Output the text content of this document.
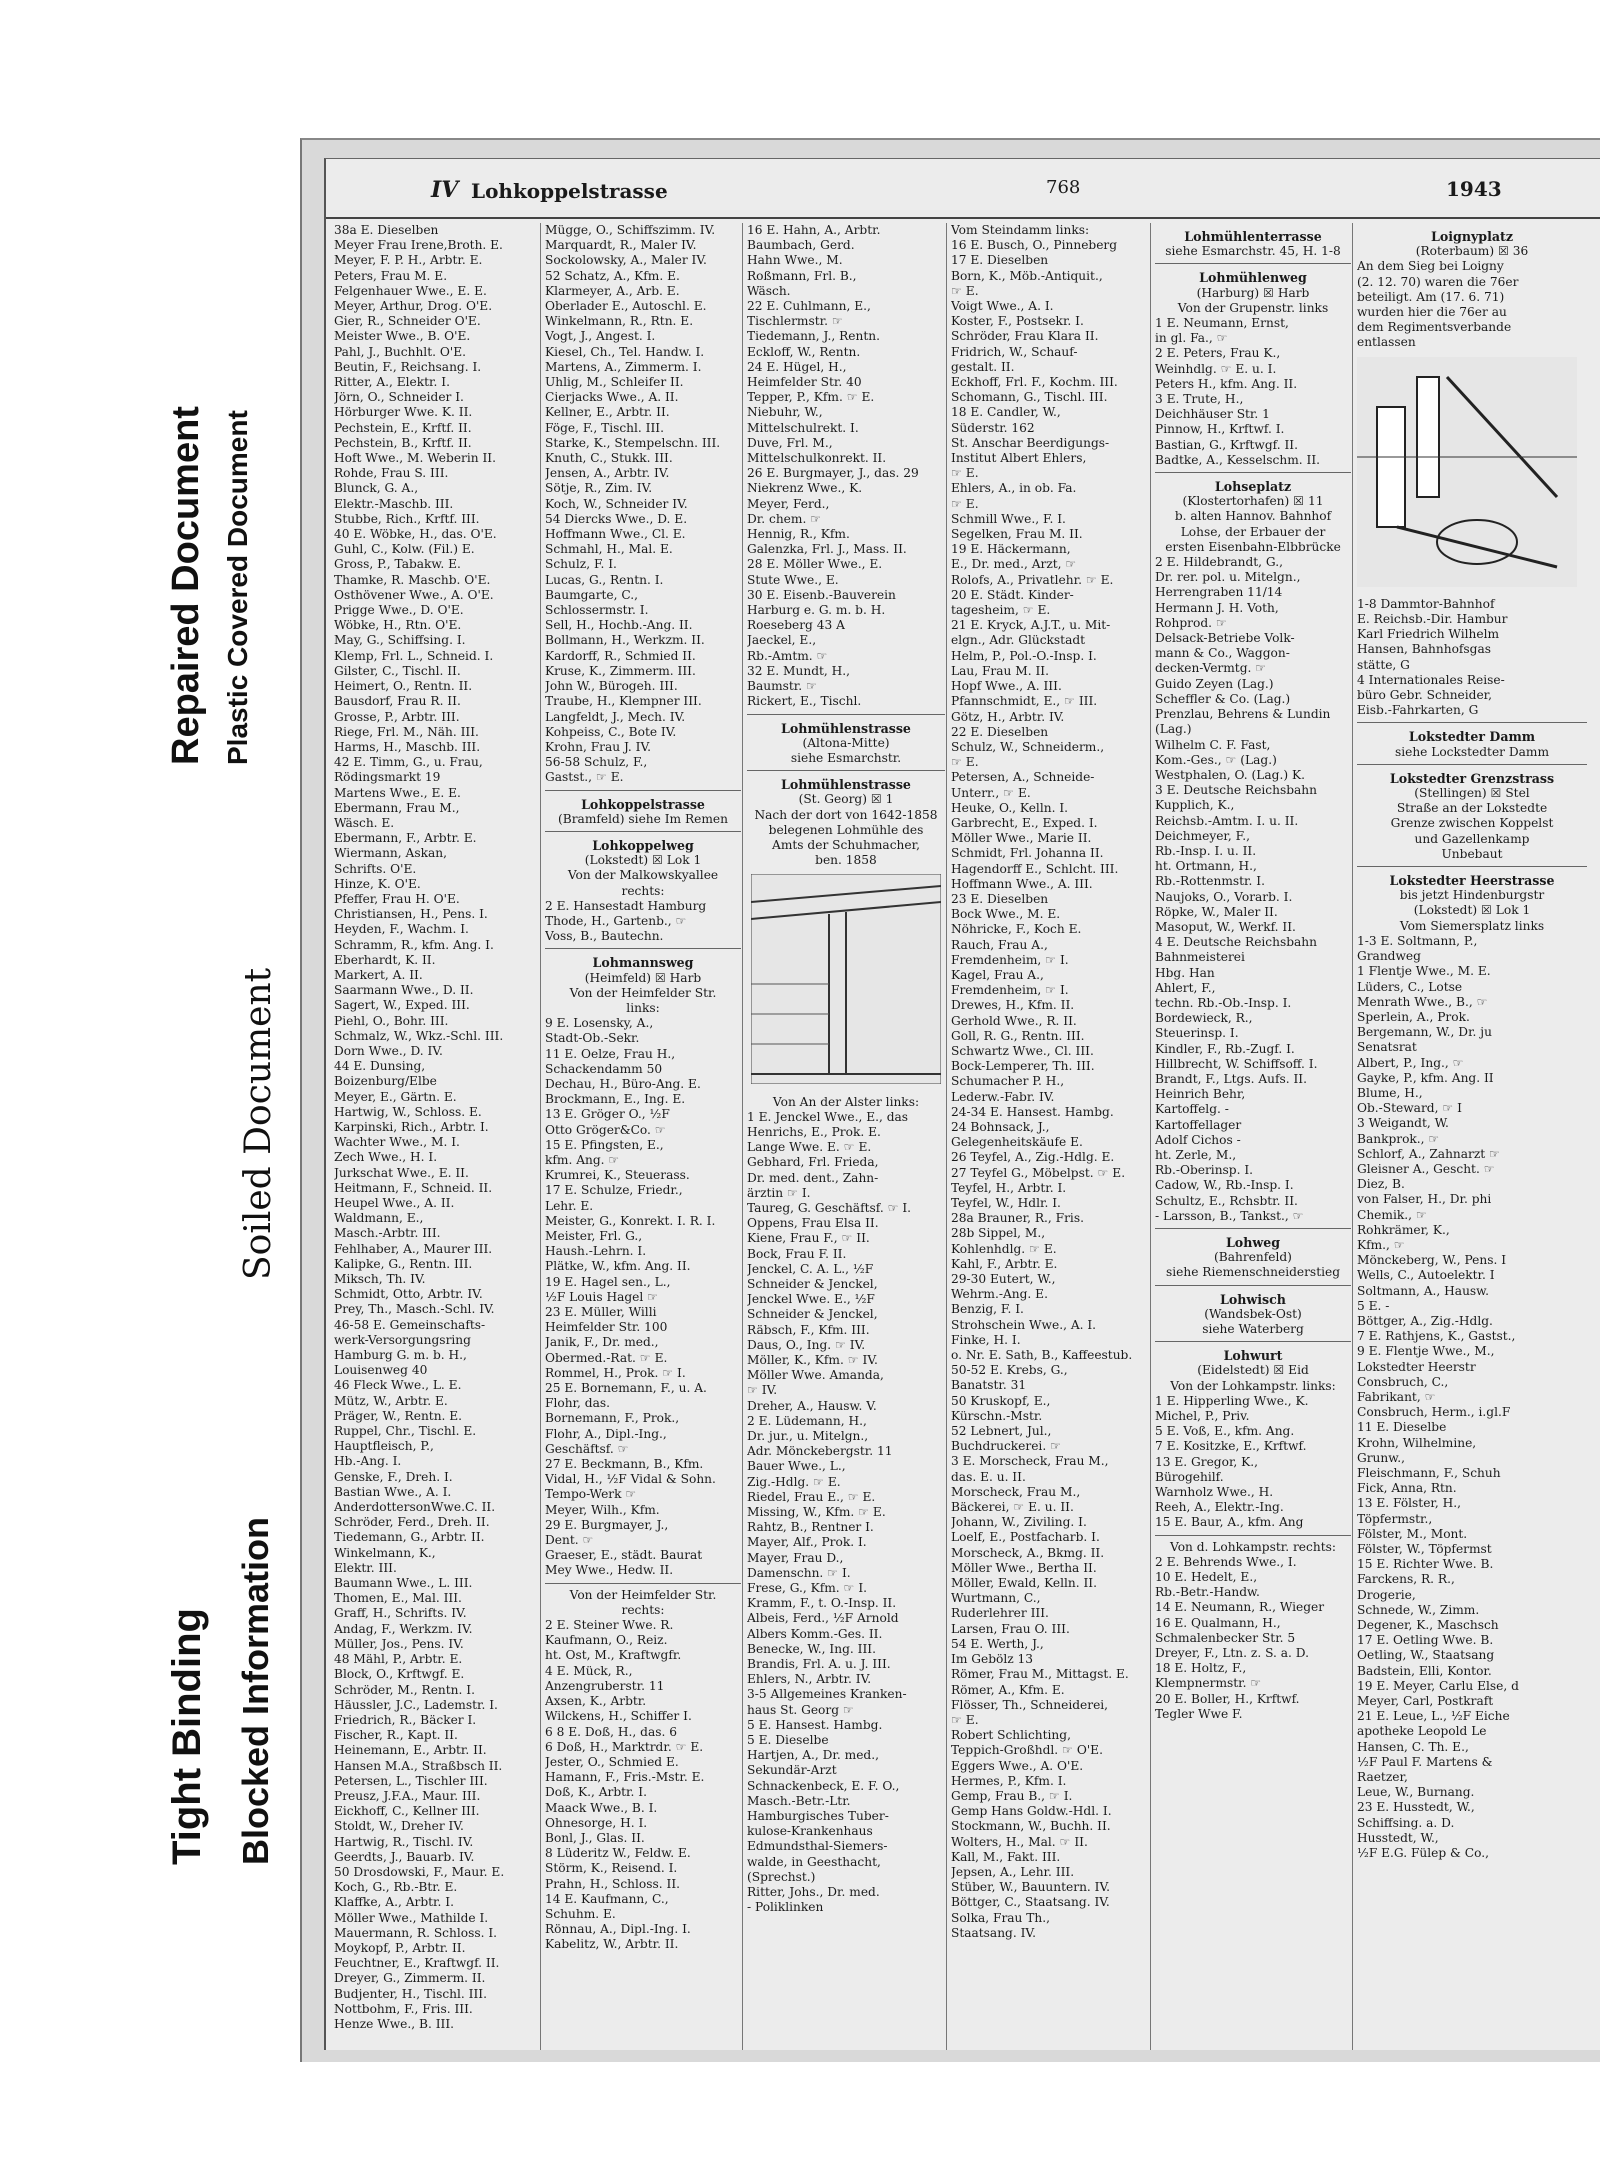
Repaired Document Plastic Covered Document
Soiled Document
Tight Binding Blocked Information
IV Lohkoppelstrasse	768	1943
38a E. Dieselben
Meyer Frau Irene,Broth. E.
Meyer, F. P. H., Arbtr. E.
Peters, Frau M. E.
Felgenhauer Wwe., E. E.
Meyer, Arthur, Drog. O'E.
Gier, R., Schneider O'E.
Meister Wwe., B. O'E.
Pahl, J., Buchhlt. O'E.
Beutin, F., Reichsang. I.
Ritter, A., Elektr. I.
Jörn, O., Schneider I.
Hörburger Wwe. K. II.
Pechstein, E., Krftf. II.
Pechstein, B., Krftf. II.
Hoft Wwe., M. Weberin II.
Rohde, Frau S. III.
Blunck, G. A.,
Elektr.-Maschb. III.
Stubbe, Rich., Krftf. III.
40 E. Wöbke, H., das. O'E.
Guhl, C., Kolw. (Fil.) E.
Gross, P., Tabakw. E.
Thamke, R. Maschb. O'E.
Osthövener Wwe., A. O'E.
Prigge Wwe., D. O'E.
Wöbke, H., Rtn. O'E.
May, G., Schiffsing. I.
Klemp, Frl. L., Schneid. I.
Gilster, C., Tischl. II.
Heimert, O., Rentn. II.
Bausdorf, Frau R. II.
Grosse, P., Arbtr. III.
Riege, Frl. M., Näh. III.
Harms, H., Maschb. III.
42 E. Timm, G., u. Frau,
Rödingsmarkt 19
Martens Wwe., E. E.
Ebermann, Frau M.,
Wäsch. E.
Ebermann, F., Arbtr. E.
Wiermann, Askan,
Schrifts. O'E.
Hinze, K. O'E.
Pfeffer, Frau H. O'E.
Christiansen, H., Pens. I.
Heyden, F., Wachm. I.
Schramm, R., kfm. Ang. I.
Eberhardt, K. II.
Markert, A. II.
Saarmann Wwe., D. II.
Sagert, W., Exped. III.
Piehl, O., Bohr. III.
Schmalz, W., Wkz.-Schl. III.
Dorn Wwe., D. IV.
44 E. Dunsing,
Boizenburg/Elbe
Meyer, E., Gärtn. E.
Hartwig, W., Schloss. E.
Karpinski, Rich., Arbtr. I.
Wachter Wwe., M. I.
Zech Wwe., H. I.
Jurkschat Wwe., E. II.
Heitmann, F., Schneid. II.
Heupel Wwe., A. II.
Waldmann, E.,
Masch.-Arbtr. III.
Fehlhaber, A., Maurer III.
Kalipke, G., Rentn. III.
Miksch, Th. IV.
Schmidt, Otto, Arbtr. IV.
Prey, Th., Masch.-Schl. IV.
46-58 E. Gemeinschafts-
werk-Versorgungsring
Hamburg G. m. b. H.,
Louisenweg 40
46 Fleck Wwe., L. E.
Mütz, W., Arbtr. E.
Präger, W., Rentn. E.
Ruppel, Chr., Tischl. E.
Hauptfleisch, P.,
Hb.-Ang. I.
Genske, F., Dreh. I.
Bastian Wwe., A. I.
AnderdottersonWwe.C. II.
Schröder, Ferd., Dreh. II.
Tiedemann, G., Arbtr. II.
Winkelmann, K.,
Elektr. III.
Baumann Wwe., L. III.
Thomen, E., Mal. III.
Graff, H., Schrifts. IV.
Andag, F., Werkzm. IV.
Müller, Jos., Pens. IV.
48 Mähl, P., Arbtr. E.
Block, O., Krftwgf. E.
Schröder, M., Rentn. I.
Häussler, J.C., Lademstr. I.
Friedrich, R., Bäcker I.
Fischer, R., Kapt. II.
Heinemann, E., Arbtr. II.
Hansen M.A., Straßbsch II.
Petersen, L., Tischler III.
Preusz, J.F.A., Maur. III.
Eickhoff, C., Kellner III.
Stoldt, W., Dreher IV.
Hartwig, R., Tischl. IV.
Geerdts, J., Bauarb. IV.
50 Drosdowski, F., Maur. E.
Koch, G., Rb.-Btr. E.
Klaffke, A., Arbtr. I.
Möller Wwe., Mathilde I.
Mauermann, R. Schloss. I.
Moykopf, P., Arbtr. II.
Feuchtner, E., Kraftwgf. II.
Dreyer, G., Zimmerm. II.
Budjenter, H., Tischl. III.
Nottbohm, F., Fris. III.
Henze Wwe., B. III.
Mügge, O., Schiffszimm. IV.
Marquardt, R., Maler IV.
Sockolowsky, A., Maler IV.
52 Schatz, A., Kfm. E.
Klarmeyer, A., Arb. E.
Oberlader E., Autoschl. E.
Winkelmann, R., Rtn. E.
Vogt, J., Angest. I.
Kiesel, Ch., Tel. Handw. I.
Martens, A., Zimmerm. I.
Uhlig, M., Schleifer II.
Cierjacks Wwe., A. II.
Kellner, E., Arbtr. II.
Föge, F., Tischl. III.
Starke, K., Stempelschn. III.
Knuth, C., Stukk. III.
Jensen, A., Arbtr. IV.
Sötje, R., Zim. IV.
Koch, W., Schneider IV.
54 Diercks Wwe., D. E.
Hoffmann Wwe., Cl. E.
Schmahl, H., Mal. E.
Schulz, F. I.
Lucas, G., Rentn. I.
Baumgarte, C.,
Schlossermstr. I.
Sell, H., Hochb.-Ang. II.
Bollmann, H., Werkzm. II.
Kardorff, R., Schmied II.
Kruse, K., Zimmerm. III.
John W., Bürogeh. III.
Traube, H., Klempner III.
Langfeldt, J., Mech. IV.
Kohpeiss, C., Bote IV.
Krohn, Frau J. IV.
56-58 Schulz, F.,
Gastst., ☞ E.
Lohkoppelstrasse
(Bramfeld) siehe Im Remen
Lohkoppelweg
(Lokstedt) ☒ Lok 1
Von der Malkowskyallee
rechts:
2 E. Hansestadt Hamburg
Thode, H., Gartenb., ☞
Voss, B., Bautechn.
Lohmannsweg
(Heimfeld) ☒ Harb
Von der Heimfelder Str.
links:
9 E. Losensky, A.,
Stadt-Ob.-Sekr.
11 E. Oelze, Frau H.,
Schackendamm 50
Dechau, H., Büro-Ang. E.
Brockmann, E., Ing. E.
13 E. Gröger O., ½F
Otto Gröger&Co. ☞
15 E. Pfingsten, E.,
kfm. Ang. ☞
Krumrei, K., Steuerass.
17 E. Schulze, Friedr.,
Lehr. E.
Meister, G., Konrekt. I. R. I.
Meister, Frl. G.,
Haush.-Lehrn. I.
Plätke, W., kfm. Ang. II.
19 E. Hagel sen., L.,
½F Louis Hagel ☞
23 E. Müller, Willi
Heimfelder Str. 100
Janik, F., Dr. med.,
Obermed.-Rat. ☞ E.
Rommel, H., Prok. ☞ I.
25 E. Bornemann, F., u. A.
Flohr, das.
Bornemann, F., Prok.,
Flohr, A., Dipl.-Ing.,
Geschäftsf. ☞
27 E. Beckmann, B., Kfm.
Vidal, H., ½F Vidal & Sohn.
Tempo-Werk ☞
Meyer, Wilh., Kfm.
29 E. Burgmayer, J.,
Dent. ☞
Graeser, E., städt. Baurat
Mey Wwe., Hedw. II.
Von der Heimfelder Str.
rechts:
2 E. Steiner Wwe. R.
Kaufmann, O., Reiz.
ht. Ost, M., Kraftwgfr.
4 E. Mück, R.,
Anzengruberstr. 11
Axsen, K., Arbtr.
Wilckens, H., Schiffer I.
6 8 E. Doß, H., das. 6
6 Doß, H., Marktrdr. ☞ E.
Jester, O., Schmied E.
Hamann, F., Fris.-Mstr. E.
Doß, K., Arbtr. I.
Maack Wwe., B. I.
Ohnesorge, H. I.
Bonl, J., Glas. II.
8 Lüderitz W., Feldw. E.
Störm, K., Reisend. I.
Prahn, H., Schloss. II.
14 E. Kaufmann, C.,
Schuhm. E.
Rönnau, A., Dipl.-Ing. I.
Kabelitz, W., Arbtr. II.
16 E. Hahn, A., Arbtr.
Baumbach, Gerd.
Hahn Wwe., M.
Roßmann, Frl. B.,
Wäsch.
22 E. Cuhlmann, E.,
Tischlermstr. ☞
Tiedemann, J., Rentn.
Eckloff, W., Rentn.
24 E. Hügel, H.,
Heimfelder Str. 40
Tepper, P., Kfm. ☞ E.
Niebuhr, W.,
Mittelschulrekt. I.
Duve, Frl. M.,
Mittelschulkonrekt. II.
26 E. Burgmayer, J., das. 29
Niekrenz Wwe., K.
Meyer, Ferd.,
Dr. chem. ☞
Hennig, R., Kfm.
Galenzka, Frl. J., Mass. II.
28 E. Möller Wwe., E.
Stute Wwe., E.
30 E. Eisenb.-Bauverein
Harburg e. G. m. b. H.
Roeseberg 43 A
Jaeckel, E.,
Rb.-Amtm. ☞
32 E. Mundt, H.,
Baumstr. ☞
Rickert, E., Tischl.
Lohmühlenstrasse
(Altona-Mitte)
siehe Esmarchstr.
Lohmühlenstrasse
(St. Georg) ☒ 1
Nach der dort von 1642-1858
belegenen Lohmühle des
Amts der Schuhmacher,
ben. 1858
Von An der Alster links:
1 E. Jenckel Wwe., E., das
Henrichs, E., Prok. E.
Lange Wwe. E. ☞ E.
Gebhard, Frl. Frieda,
Dr. med. dent., Zahn-
ärztin ☞ I.
Taureg, G. Geschäftsf. ☞ I.
Oppens, Frau Elsa II.
Kiene, Frau F., ☞ II.
Bock, Frau F. II.
Jenckel, C. A. L., ½F
Schneider & Jenckel,
Jenckel Wwe. E., ½F
Schneider & Jenckel,
Räbsch, F., Kfm. III.
Daus, O., Ing. ☞ IV.
Möller, K., Kfm. ☞ IV.
Möller Wwe. Amanda,
☞ IV.
Dreher, A., Hausw. V.
2 E. Lüdemann, H.,
Dr. jur., u. Mitelgn.,
Adr. Mönckebergstr. 11
Bauer Wwe., L.,
Zig.-Hdlg. ☞ E.
Riedel, Frau E., ☞ E.
Missing, W., Kfm. ☞ E.
Rahtz, B., Rentner I.
Mayer, Alf., Prok. I.
Mayer, Frau D.,
Damenschn. ☞ I.
Frese, G., Kfm. ☞ I.
Kramm, F., t. O.-Insp. II.
Albeis, Ferd., ½F Arnold
Albers Komm.-Ges. II.
Benecke, W., Ing. III.
Brandis, Frl. A. u. J. III.
Ehlers, N., Arbtr. IV.
3-5 Allgemeines Kranken-
haus St. Georg ☞
5 E. Hansest. Hambg.
5 E. Dieselbe
Hartjen, A., Dr. med.,
Sekundär-Arzt
Schnackenbeck, E. F. O.,
Masch.-Betr.-Ltr.
Hamburgisches Tuber-
kulose-Krankenhaus
Edmundsthal-Siemers-
walde, in Geesthacht,
(Sprechst.)
Ritter, Johs., Dr. med.
- Poliklinken
Vom Steindamm links:
16 E. Busch, O., Pinneberg
17 E. Dieselben
Born, K., Möb.-Antiquit.,
☞ E.
Voigt Wwe., A. I.
Koster, F., Postsekr. I.
Schröder, Frau Klara II.
Fridrich, W., Schauf-
gestalt. II.
Eckhoff, Frl. F., Kochm. III.
Schomann, G., Tischl. III.
18 E. Candler, W.,
Süderstr. 162
St. Anschar Beerdigungs-
Institut Albert Ehlers,
☞ E.
Ehlers, A., in ob. Fa.
☞ E.
Schmill Wwe., F. I.
Segelken, Frau M. II.
19 E. Häckermann,
E., Dr. med., Arzt, ☞
Rolofs, A., Privatlehr. ☞ E.
20 E. Städt. Kinder-
tagesheim, ☞ E.
21 E. Kryck, A.J.T., u. Mit-
elgn., Adr. Glückstadt
Helm, P., Pol.-O.-Insp. I.
Lau, Frau M. II.
Hopf Wwe., A. III.
Pfannschmidt, E., ☞ III.
Götz, H., Arbtr. IV.
22 E. Dieselben
Schulz, W., Schneiderm.,
☞ E.
Petersen, A., Schneide-
Unterr., ☞ E.
Heuke, O., Kelln. I.
Garbrecht, E., Exped. I.
Möller Wwe., Marie II.
Schmidt, Frl. Johanna II.
Hagendorff E., Schlcht. III.
Hoffmann Wwe., A. III.
23 E. Dieselben
Bock Wwe., M. E.
Nöhricke, F., Koch E.
Rauch, Frau A.,
Fremdenheim, ☞ I.
Kagel, Frau A.,
Fremdenheim, ☞ I.
Drewes, H., Kfm. II.
Gerhold Wwe., R. II.
Goll, R. G., Rentn. III.
Schwartz Wwe., Cl. III.
Bock-Lemperer, Th. III.
Schumacher P. H.,
Lederw.-Fabr. IV.
24-34 E. Hansest. Hambg.
24 Bohnsack, J.,
Gelegenheitskäufe E.
26 Teyfel, A., Zig.-Hdlg. E.
27 Teyfel G., Möbelpst. ☞ E.
Teyfel, H., Arbtr. I.
Teyfel, W., Hdlr. I.
28a Brauner, R., Fris.
28b Sippel, M.,
Kohlenhdlg. ☞ E.
Kahl, F., Arbtr. E.
29-30 Eutert, W.,
Wehrm.-Ang. E.
Benzig, F. I.
Strohschein Wwe., A. I.
Finke, H. I.
o. Nr. E. Sath, B., Kaffeestub.
50-52 E. Krebs, G.,
Banatstr. 31
50 Kruskopf, E.,
Kürschn.-Mstr.
52 Lebnert, Jul.,
Buchdruckerei. ☞
3 E. Morscheck, Frau M.,
das. E. u. II.
Morscheck, Frau M.,
Bäckerei, ☞ E. u. II.
Johann, W., Ziviling. I.
Loelf, E., Postfacharb. I.
Morscheck, A., Bkmg. II.
Möller Wwe., Bertha II.
Möller, Ewald, Kelln. II.
Wurtmann, C.,
Ruderlehrer III.
Larsen, Frau O. III.
54 E. Werth, J.,
Im Gebölz 13
Römer, Frau M., Mittagst. E.
Römer, A., Kfm. E.
Flösser, Th., Schneiderei,
☞ E.
Robert Schlichting,
Teppich-Großhdl. ☞ O'E.
Eggers Wwe., A. O'E.
Hermes, P., Kfm. I.
Gemp, Frau B., ☞ I.
Gemp Hans Goldw.-Hdl. I.
Stockmann, W., Buchh. II.
Wolters, H., Mal. ☞ II.
Kall, M., Fakt. III.
Jepsen, A., Lehr. III.
Stüber, W., Bauuntern. IV.
Böttger, C., Staatsang. IV.
Solka, Frau Th.,
Staatsang. IV.
Lohmühlenterrasse
siehe Esmarchstr. 45, H. 1-8
Lohmühlenweg
(Harburg) ☒ Harb
Von der Grupenstr. links
1 E. Neumann, Ernst,
in gl. Fa., ☞
2 E. Peters, Frau K.,
Weinhdlg. ☞ E. u. I.
Peters H., kfm. Ang. II.
3 E. Trute, H.,
Deichhäuser Str. 1
Pinnow, H., Krftwf. I.
Bastian, G., Krftwgf. II.
Badtke, A., Kesselschm. II.
Lohseplatz
(Klostertorhafen) ☒ 11
b. alten Hannov. Bahnhof
Lohse, der Erbauer der
ersten Eisenbahn-Elbbrücke
2 E. Hildebrandt, G.,
Dr. rer. pol. u. Mitelgn.,
Herrengraben 11/14
Hermann J. H. Voth,
Rohprod. ☞
Delsack-Betriebe Volk-
mann & Co., Waggon-
decken-Vermtg. ☞
Guido Zeyen (Lag.)
Scheffler & Co. (Lag.)
Prenzlau, Behrens & Lundin
(Lag.)
Wilhelm C. F. Fast,
Kom.-Ges., ☞ (Lag.)
Westphalen, O. (Lag.) K.
3 E. Deutsche Reichsbahn
Kupplich, K.,
Reichsb.-Amtm. I. u. II.
Deichmeyer, F.,
Rb.-Insp. I. u. II.
ht. Ortmann, H.,
Rb.-Rottenmstr. I.
Naujoks, O., Vorarb. I.
Röpke, W., Maler II.
Masoput, W., Werkf. II.
4 E. Deutsche Reichsbahn
Bahnmeisterei
Hbg. Han
Ahlert, F.,
techn. Rb.-Ob.-Insp. I.
Bordewieck, R.,
Steuerinsp. I.
Kindler, F., Rb.-Zugf. I.
Hillbrecht, W. Schiffsoff. I.
Brandt, F., Ltgs. Aufs. II.
Heinrich Behr,
Kartoffelg. -
Kartoffellager
Adolf Cichos -
ht. Zerle, M.,
Rb.-Oberinsp. I.
Cadow, W., Rb.-Insp. I.
Schultz, E., Rchsbtr. II.
- Larsson, B., Tankst., ☞
Lohweg
(Bahrenfeld)
siehe Riemenschneiderstieg
Lohwisch
(Wandsbek-Ost)
siehe Waterberg
Lohwurt
(Eidelstedt) ☒ Eid
Von der Lohkampstr. links:
1 E. Hipperling Wwe., K.
Michel, P., Priv.
5 E. Voß, E., kfm. Ang.
7 E. Kositzke, E., Krftwf.
13 E. Gregor, K.,
Bürogehilf.
Warnholz Wwe., H.
Reeh, A., Elektr.-Ing.
15 E. Baur, A., kfm. Ang
Von d. Lohkampstr. rechts:
2 E. Behrends Wwe., I.
10 E. Hedelt, E.,
Rb.-Betr.-Handw.
14 E. Neumann, R., Wieger
16 E. Qualmann, H.,
Schmalenbecker Str. 5
Dreyer, F., Ltn. z. S. a. D.
18 E. Holtz, F.,
Klempnermstr. ☞
20 E. Boller, H., Krftwf.
Tegler Wwe F.
Loignyplatz
(Roterbaum) ☒ 36
An dem Sieg bei Loigny
(2. 12. 70) waren die 76er
beteiligt. Am (17. 6. 71)
wurden hier die 76er au
dem Regimentsverbande
entlassen
1-8 Dammtor-Bahnhof
E. Reichsb.-Dir. Hambur
Karl Friedrich Wilhelm
Hansen, Bahnhofsgas
stätte, G
4 Internationales Reise-
büro Gebr. Schneider,
Eisb.-Fahrkarten, G
Lokstedter Damm
siehe Lockstedter Damm
Lokstedter Grenzstrass
(Stellingen) ☒ Stel
Straße an der Lokstedte
Grenze zwischen Koppelst
und Gazellenkamp
Unbebaut
Lokstedter Heerstrasse
bis jetzt Hindenburgstr
(Lokstedt) ☒ Lok 1
Vom Siemersplatz links
1-3 E. Soltmann, P.,
Grandweg
1 Flentje Wwe., M. E.
Lüders, C., Lotse
Menrath Wwe., B., ☞
Sperlein, A., Prok.
Bergemann, W., Dr. ju
Senatsrat
Albert, P., Ing., ☞
Gayke, P., kfm. Ang. II
Blume, H.,
Ob.-Steward, ☞ I
3 Weigandt, W.
Bankprok., ☞
Schlorf, A., Zahnarzt ☞
Gleisner A., Gescht. ☞
Diez, B.
von Falser, H., Dr. phi
Chemik., ☞
Rohkrämer, K.,
Kfm., ☞
Mönckeberg, W., Pens. I
Wells, C., Autoelektr. I
Soltmann, A., Hausw.
5 E. -
Böttger, A., Zig.-Hdlg.
7 E. Rathjens, K., Gastst.,
9 E. Flentje Wwe., M.,
Lokstedter Heerstr
Consbruch, C.,
Fabrikant, ☞
Consbruch, Herm., i.gl.F
11 E. Dieselbe
Krohn, Wilhelmine,
Grunw.,
Fleischmann, F., Schuh
Fick, Anna, Rtn.
13 E. Fölster, H.,
Töpfermstr.,
Fölster, M., Mont.
Fölster, W., Töpfermst
15 E. Richter Wwe. B.
Farckens, R. R.,
Drogerie,
Schnede, W., Zimm.
Degener, K., Maschsch
17 E. Oetling Wwe. B.
Oetling, W., Staatsang
Badstein, Elli, Kontor.
19 E. Meyer, Carlu Else, d
Meyer, Carl, Postkraft
21 E. Leue, L., ½F Eiche
apotheke Leopold Le
Hansen, C. Th. E.,
½F Paul F. Martens &
Raetzer,
Leue, W., Burnang.
23 E. Husstedt, W.,
Schiffsing. a. D.
Husstedt, W.,
½F E.G. Fülep & Co.,
